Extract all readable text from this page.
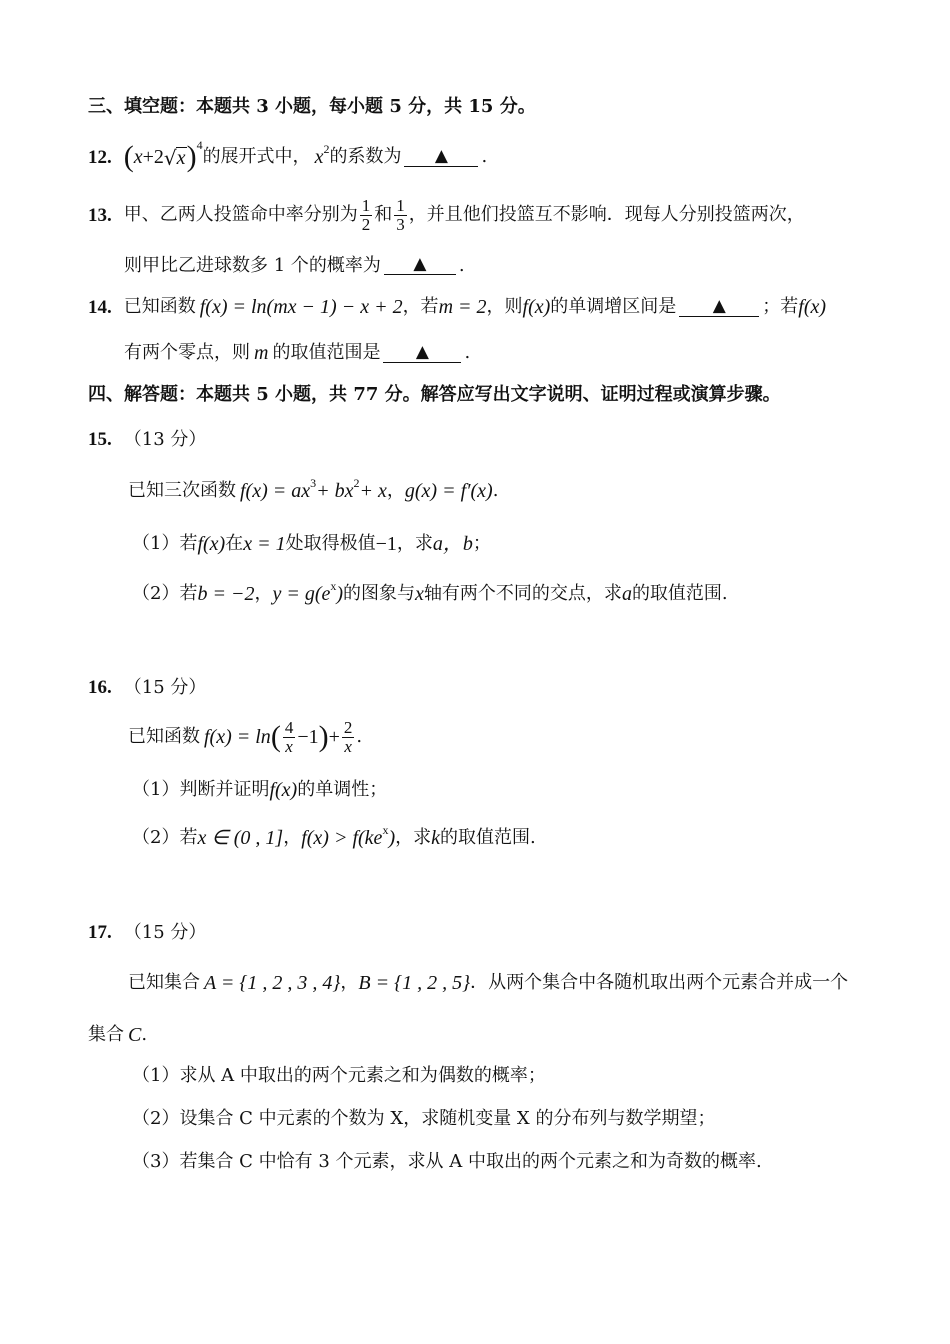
三、填空题：本题共 3 小题，每小题 5 分，共 15 分。
12. ( x +2 √ x ) 4
的展开式中， x 2 的系数为	▲	.
13. 甲、乙两人投篮命中率分别为 $\frac{1}{2}$ 和 $\frac{1}{3}$ ，并且他们投篮互不影响．现每人分别投篮两次，
则甲比乙进球数多 1 个的概率为	▲	.
14. 已知函数 f(x) = ln(mx − 1) − x + 2 ，若 m = 2 ，则 f(x) 的单调增区间是	▲	；若 f(x)
有两个零点，则 m 的取值范围是	▲	.
四、解答题：本题共 5 小题，共 77 分。解答应写出文字说明、证明过程或演算步骤。
15. （13 分）
已知三次函数 f(x) = ax 3 + bx 2 + x ， g(x) = f′(x) .
（1）若 f(x) 在 x = 1 处取得极值 −1 ，求 a，b ；
（2）若 b = −2 ， y = g(e x ) 的图象与 x 轴有两个不同的交点，求 a 的取值范围.
16. （15 分）
已知函数 f(x) = ln ( $\frac{4}{x} -1$ ) + $\frac{2}{x}$ .
（1）判断并证明 f(x) 的单调性；
（2）若 x ∈ (0 , 1] ， f(x) > f(ke x ) ，求 k 的取值范围.
17. （15 分）
已知集合 A = {1 , 2 , 3 , 4} ， B = {1 , 2 , 5} ．从两个集合中各随机取出两个元素合并成一个
集合 C .
（1）求从 A 中取出的两个元素之和为偶数的概率；
（2）设集合 C 中元素的个数为 X，求随机变量 X 的分布列与数学期望；
（3）若集合 C 中恰有 3 个元素，求从 A 中取出的两个元素之和为奇数的概率.
